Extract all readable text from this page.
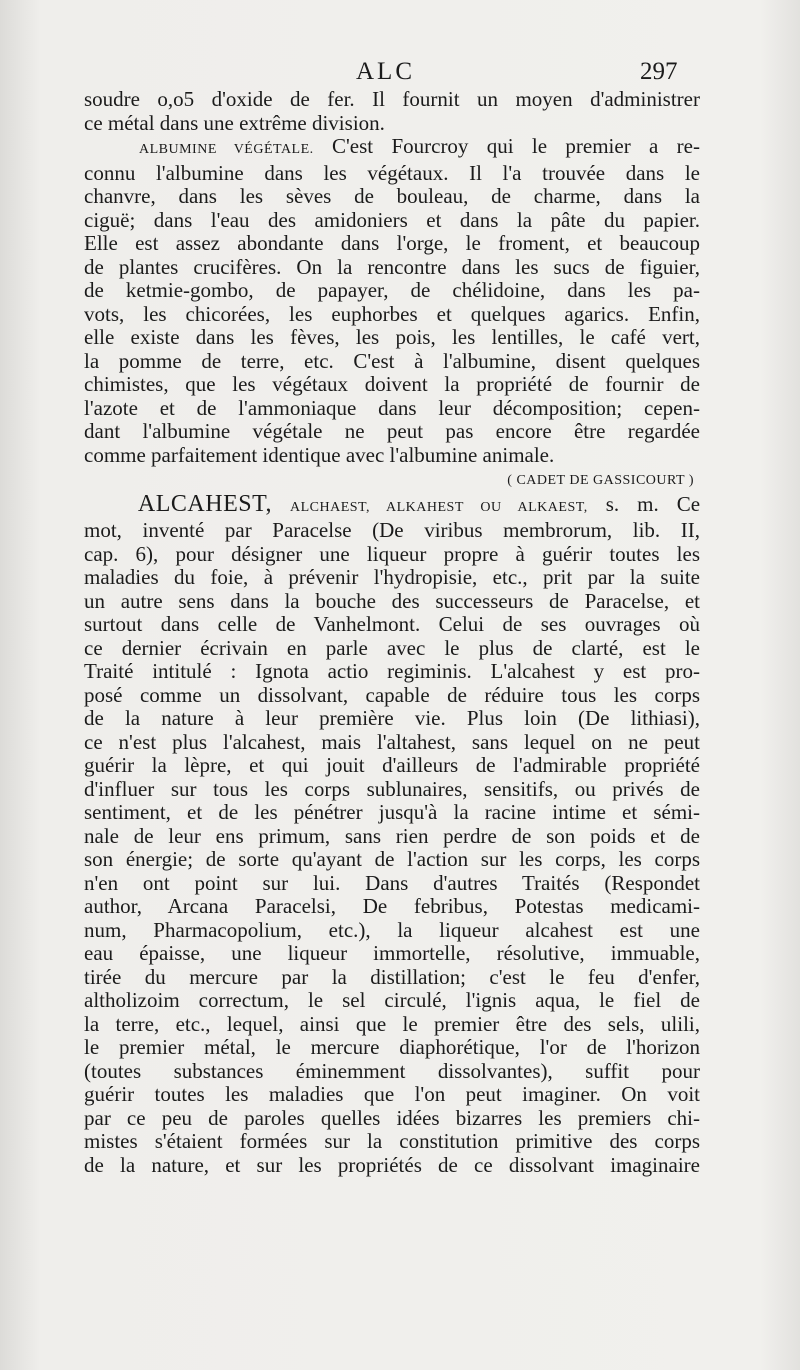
ALC	297
soudre o,o5 d'oxide de fer. Il fournit un moyen d'administrer
ce métal dans une extrême division.
ALBUMINE VÉGÉTALE. C'est Fourcroy qui le premier a re-
connu l'albumine dans les végétaux. Il l'a trouvée dans le
chanvre, dans les sèves de bouleau, de charme, dans la
ciguë; dans l'eau des amidoniers et dans la pâte du papier.
Elle est assez abondante dans l'orge, le froment, et beaucoup
de plantes crucifères. On la rencontre dans les sucs de figuier,
de ketmie-gombo, de papayer, de chélidoine, dans les pa-
vots, les chicorées, les euphorbes et quelques agarics. Enfin,
elle existe dans les fèves, les pois, les lentilles, le café vert,
la pomme de terre, etc. C'est à l'albumine, disent quelques
chimistes, que les végétaux doivent la propriété de fournir de
l'azote et de l'ammoniaque dans leur décomposition; cepen-
dant l'albumine végétale ne peut pas encore être regardée
comme parfaitement identique avec l'albumine animale.
( CADET DE GASSICOURT )
ALCAHEST, ALCHAEST, ALKAHEST OU ALKAEST, s. m. Ce
mot, inventé par Paracelse (De viribus membrorum, lib. II,
cap. 6), pour désigner une liqueur propre à guérir toutes les
maladies du foie, à prévenir l'hydropisie, etc., prit par la suite
un autre sens dans la bouche des successeurs de Paracelse, et
surtout dans celle de Vanhelmont. Celui de ses ouvrages où
ce dernier écrivain en parle avec le plus de clarté, est le
Traité intitulé : Ignota actio regiminis. L'alcahest y est pro-
posé comme un dissolvant, capable de réduire tous les corps
de la nature à leur première vie. Plus loin (De lithiasi),
ce n'est plus l'alcahest, mais l'altahest, sans lequel on ne peut
guérir la lèpre, et qui jouit d'ailleurs de l'admirable propriété
d'influer sur tous les corps sublunaires, sensitifs, ou privés de
sentiment, et de les pénétrer jusqu'à la racine intime et sémi-
nale de leur ens primum, sans rien perdre de son poids et de
son énergie; de sorte qu'ayant de l'action sur les corps, les corps
n'en ont point sur lui. Dans d'autres Traités (Respondet
author, Arcana Paracelsi, De febribus, Potestas medicami-
num, Pharmacopolium, etc.), la liqueur alcahest est une
eau épaisse, une liqueur immortelle, résolutive, immuable,
tirée du mercure par la distillation; c'est le feu d'enfer,
altholizoim correctum, le sel circulé, l'ignis aqua, le fiel de
la terre, etc., lequel, ainsi que le premier être des sels, ulili,
le premier métal, le mercure diaphorétique, l'or de l'horizon
(toutes substances éminemment dissolvantes), suffit pour
guérir toutes les maladies que l'on peut imaginer. On voit
par ce peu de paroles quelles idées bizarres les premiers chi-
mistes s'étaient formées sur la constitution primitive des corps
de la nature, et sur les propriétés de ce dissolvant imaginaire
